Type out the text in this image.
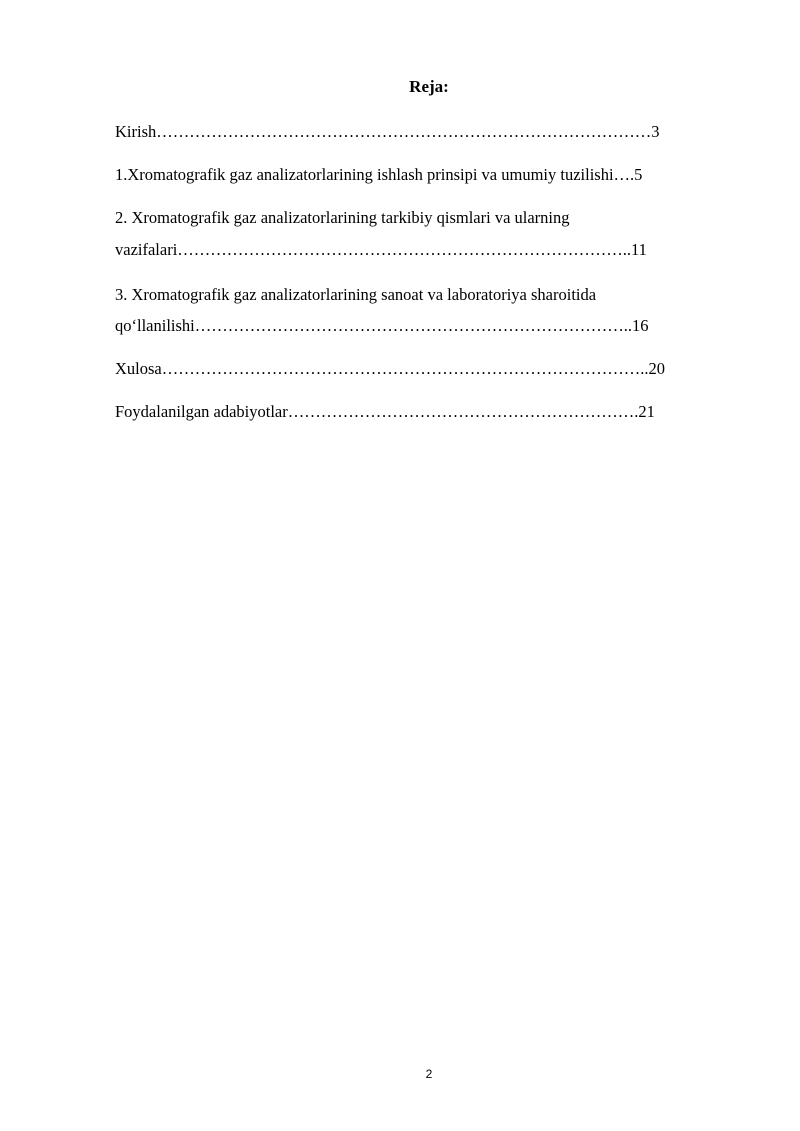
Reja:
Kirish………………………………………………………………………………3
1.Xromatografik gaz analizatorlarining ishlash prinsipi va umumiy tuzilishi….5
2. Xromatografik gaz analizatorlarining tarkibiy qismlari va ularning
vazifalari………………………………………………………………………..11
3. Xromatografik gaz analizatorlarining sanoat va laboratoriya sharoitida
qo‘llanilishi……………………………………………………………………..16
Xulosa……………………………………………………………………………..20
Foydalanilgan adabiyotlar……………………………………………………….21
2
